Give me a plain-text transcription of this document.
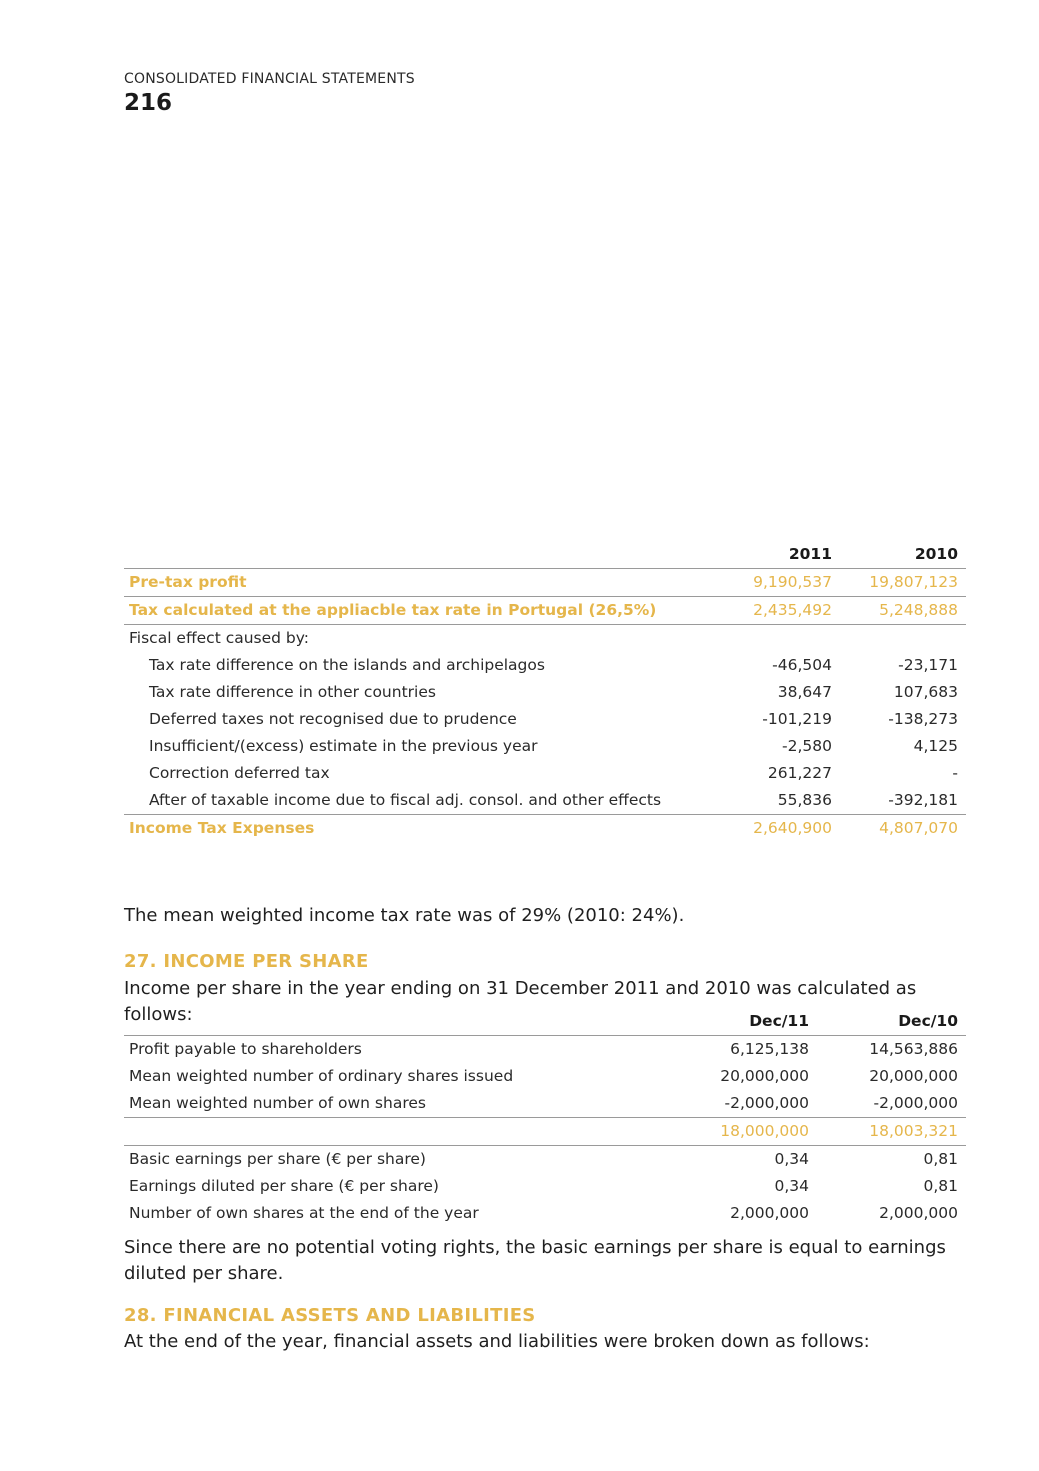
CONSOLIDATED FINANCIAL STATEMENTS
216
	2011	2010
Pre-tax profit	9,190,537	19,807,123
Tax calculated at the appliacble tax rate in Portugal (26,5%)	2,435,492	5,248,888
Fiscal effect caused by:		
Tax rate difference on the islands and archipelagos	-46,504	-23,171
Tax rate difference in other countries	38,647	107,683
Deferred taxes not recognised due to prudence	-101,219	-138,273
Insufficient/(excess) estimate in the previous year	-2,580	4,125
Correction deferred tax	261,227	-
After of taxable income due to fiscal adj. consol. and other effects	55,836	-392,181
Income Tax Expenses	2,640,900	4,807,070

The mean weighted income tax rate was of 29% (2010: 24%).

27. INCOME PER SHARE

Income per share in the year ending on 31 December 2011 and 2010 was calculated as follows:

		Dec/11	Dec/10
Profit payable to shareholders	6,125,138	14,563,886
Mean weighted number of ordinary shares issued	20,000,000	20,000,000
Mean weighted number of own shares	-2,000,000	-2,000,000
	18,000,000	18,003,321
Basic earnings per share (€ per share)	0,34	0,81
Earnings diluted per share (€ per share)	0,34	0,81
Number of own shares at the end of the year	2,000,000	2,000,000

Since there are no potential voting rights, the basic earnings per share is equal to earnings diluted per share.

28. FINANCIAL ASSETS AND LIABILITIES

At the end of the year, financial assets and liabilities were broken down as follows:
